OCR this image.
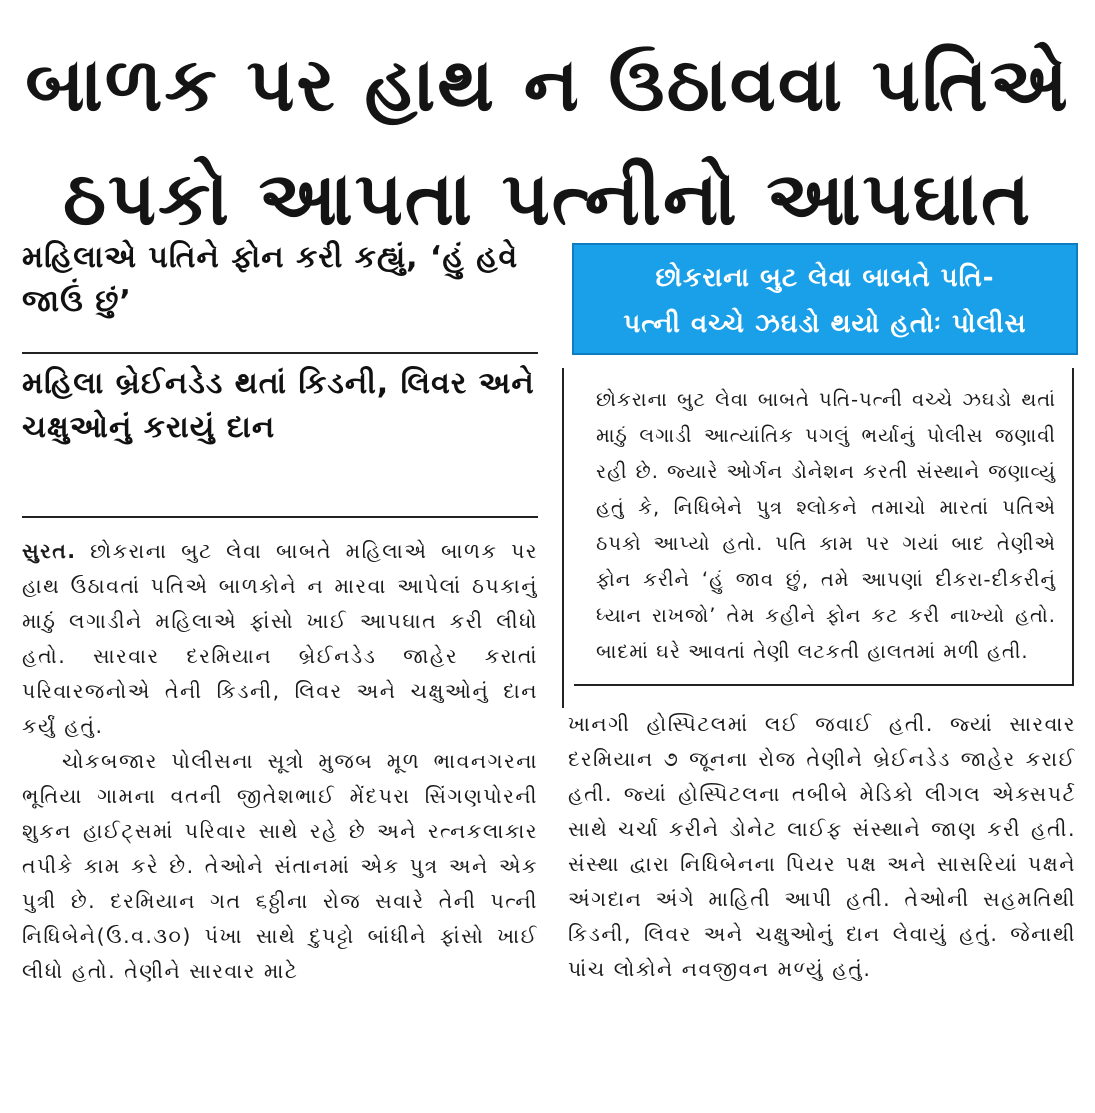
બાળક પર હાથ ન ઉઠાવવા પતિએ
ઠપકો આપતા પત્નીનો આપઘાત
મહિલાએ પતિને ફોન કરી કહ્યું, ‘હું હવે જાઉં છું’
મહિલા બ્રેઈનડેડ થતાં કિડની, લિવર અને ચક્ષુઓનું કરાયું દાન

સુરત. છોકરાના બુટ લેવા બાબતે મહિલાએ બાળક પર હાથ ઉઠાવતાં પતિએ બાળકોને ન મારવા આપેલાં ઠપકાનું માઠું લગાડીને મહિલાએ ફાંસો ખાઈ આપઘાત કરી લીધો હતો. સારવાર દરમિયાન બ્રેઈનડેડ જાહેર કરાતાં પરિવારજનોએ તેની કિડની, લિવર અને ચક્ષુઓનું દાન કર્યું હતું.

ચોકબજાર પોલીસના સૂત્રો મુજબ મૂળ ભાવનગરના ભૂતિયા ગામના વતની જીતેશભાઈ મેંદપરા સિંગણપોરની શુકન હાઈટ્સમાં પરિવાર સાથે રહે છે અને રત્નકલાકાર તપીકે કામ કરે છે. તેઓને સંતાનમાં એક પુત્ર અને એક પુત્રી છે. દરમિયાન ગત ૬ઠ્ઠીના રોજ સવારે તેની પત્ની નિધિબેને(ઉ.વ.૩૦) પંખા સાથે દુપટ્ટો બાંધીને ફાંસો ખાઈ લીધો હતો. તેણીને સારવાર માટે

છોકરાના બુટ લેવા બાબતે પતિ-
પત્ની વચ્ચે ઝઘડો થયો હતોઃ પોલીસ
છોકરાના બુટ લેવા બાબતે પતિ-પત્ની વચ્ચે ઝઘડો થતાં માઠું લગાડી આત્યાંતિક પગલું ભર્યાનું પોલીસ જણાવી રહી છે. જ્યારે ઓર્ગન ડોનેશન કરતી સંસ્થાને જણાવ્યું હતું કે, નિધિબેને પુત્ર શ્લોકને તમાચો મારતાં પતિએ ઠપકો આપ્યો હતો. પતિ કામ પર ગયાં બાદ તેણીએ ફોન કરીને ‘હું જાવ છું, તમે આપણાં દીકરા-દીકરીનું ધ્યાન રાખજો’ તેમ કહીને ફોન કટ કરી નાખ્યો હતો. બાદમાં ઘરે આવતાં તેણી લટકતી હાલતમાં મળી હતી.
ખાનગી હોસ્પિટલમાં લઈ જવાઈ હતી. જ્યાં સારવાર દરમિયાન ૭ જૂનના રોજ તેણીને બ્રેઈનડેડ જાહેર કરાઈ હતી. જ્યાં હોસ્પિટલના તબીબે મેડિકો લીગલ એક્સપર્ટ સાથે ચર્ચા કરીને ડોનેટ લાઈફ સંસ્થાને જાણ કરી હતી. સંસ્થા દ્વારા નિધિબેનના પિયર પક્ષ અને સાસરિયાં પક્ષને અંગદાન અંગે માહિતી આપી હતી. તેઓની સહમતિથી કિડની, લિવર અને ચક્ષુઓનું દાન લેવાયું હતું. જેનાથી પાંચ લોકોને નવજીવન મળ્યું હતું.
